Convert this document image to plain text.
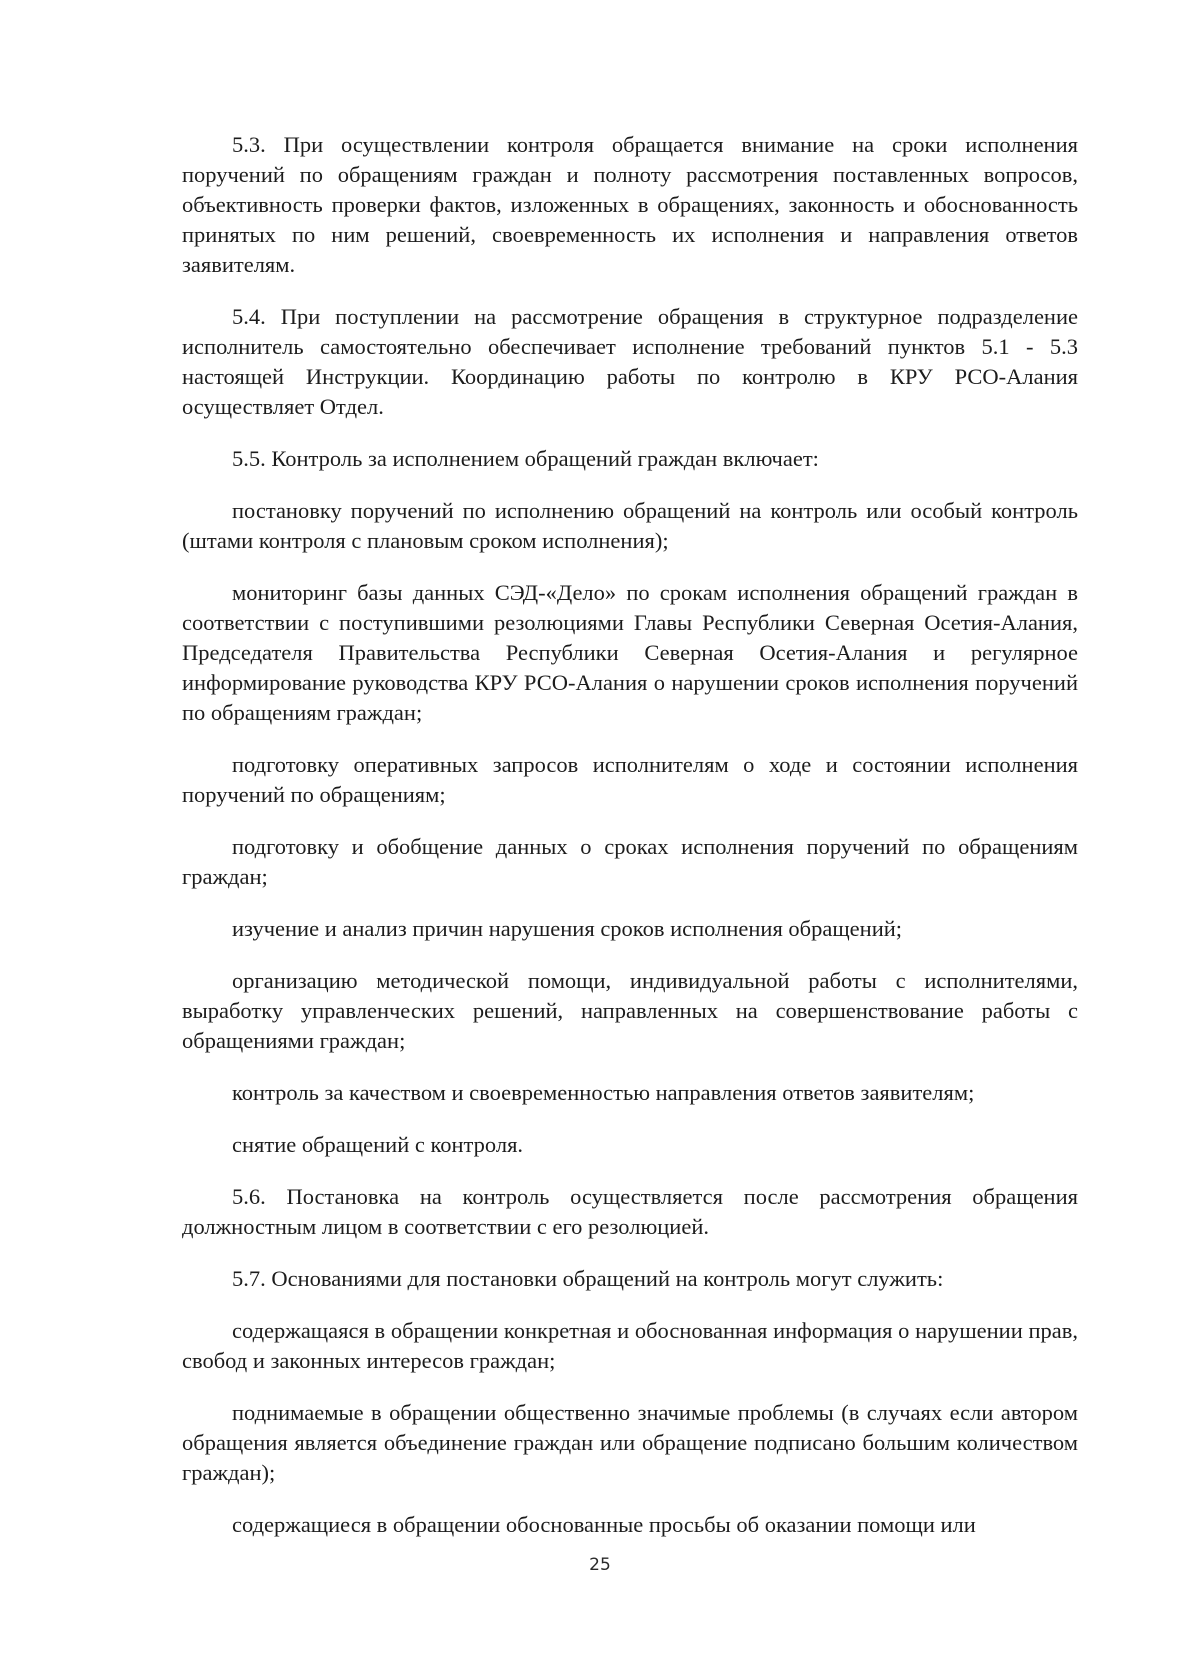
5.3. При осуществлении контроля обращается внимание на сроки исполнения поручений по обращениям граждан и полноту рассмотрения поставленных вопросов, объективность проверки фактов, изложенных в обращениях, законность и обоснованность принятых по ним решений, своевременность их исполнения и направления ответов заявителям.

5.4. При поступлении на рассмотрение обращения в структурное подразделение исполнитель самостоятельно обеспечивает исполнение требований пунктов 5.1 - 5.3 настоящей Инструкции. Координацию работы по контролю в КРУ РСО-Алания осуществляет Отдел.

5.5. Контроль за исполнением обращений граждан включает:

постановку поручений по исполнению обращений на контроль или особый контроль (штами контроля с плановым сроком исполнения);

мониторинг базы данных СЭД-«Дело» по срокам исполнения обращений граждан в соответствии с поступившими резолюциями Главы Республики Северная Осетия-Алания, Председателя Правительства Республики Северная Осетия-Алания и регулярное информирование руководства КРУ РСО-Алания о нарушении сроков исполнения поручений по обращениям граждан;

подготовку оперативных запросов исполнителям о ходе и состоянии исполнения поручений по обращениям;

подготовку и обобщение данных о сроках исполнения поручений по обращениям граждан;

изучение и анализ причин нарушения сроков исполнения обращений;

организацию методической помощи, индивидуальной работы с исполнителями, выработку управленческих решений, направленных на совершенствование работы с обращениями граждан;

контроль за качеством и своевременностью направления ответов заявителям;

снятие обращений с контроля.

5.6. Постановка на контроль осуществляется после рассмотрения обращения должностным лицом в соответствии с его резолюцией.

5.7. Основаниями для постановки обращений на контроль могут служить:

содержащаяся в обращении конкретная и обоснованная информация о нарушении прав, свобод и законных интересов граждан;

поднимаемые в обращении общественно значимые проблемы (в случаях если автором обращения является объединение граждан или обращение подписано большим количеством граждан);

содержащиеся в обращении обоснованные просьбы об оказании помощи или

25
